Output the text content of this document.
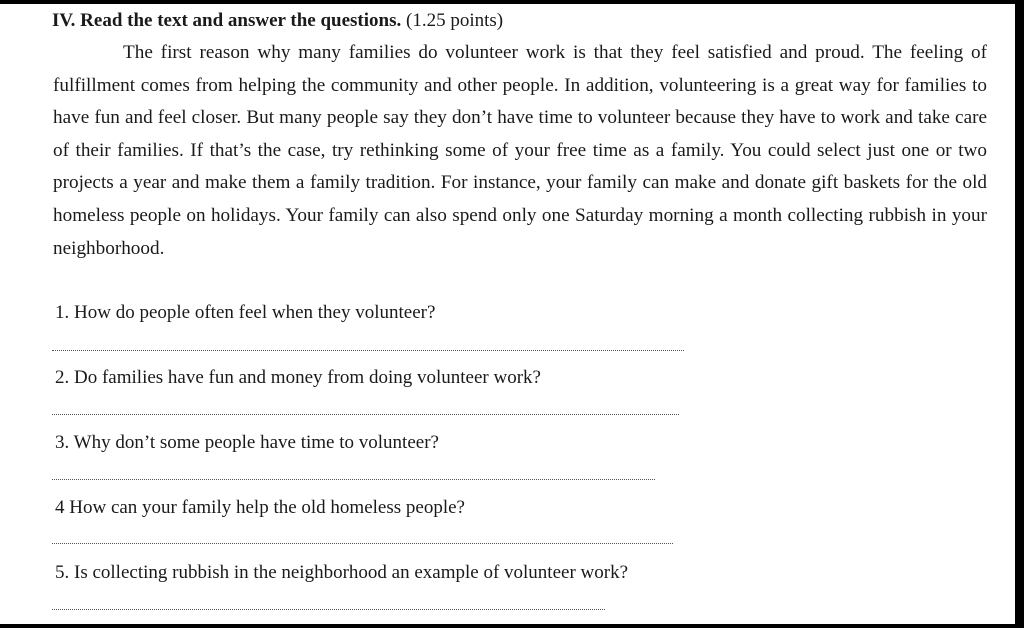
IV. Read the text and answer the questions. (1.25 points)

The first reason why many families do volunteer work is that they feel satisfied and proud. The feeling of fulfillment comes from helping the community and other people. In addition, volunteering is a great way for families to have fun and feel closer. But many people say they don’t have time to volunteer because they have to work and take care of their families. If that’s the case, try rethinking some of your free time as a family. You could select just one or two projects a year and make them a family tradition. For instance, your family can make and donate gift baskets for the old homeless people on holidays. Your family can also spend only one Saturday morning a month collecting rubbish in your neighborhood.

1. How do people often feel when they volunteer?
2. Do families have fun and money from doing volunteer work?
3. Why don’t some people have time to volunteer?
4 How can your family help the old homeless people?
5. Is collecting rubbish in the neighborhood an example of volunteer work?
